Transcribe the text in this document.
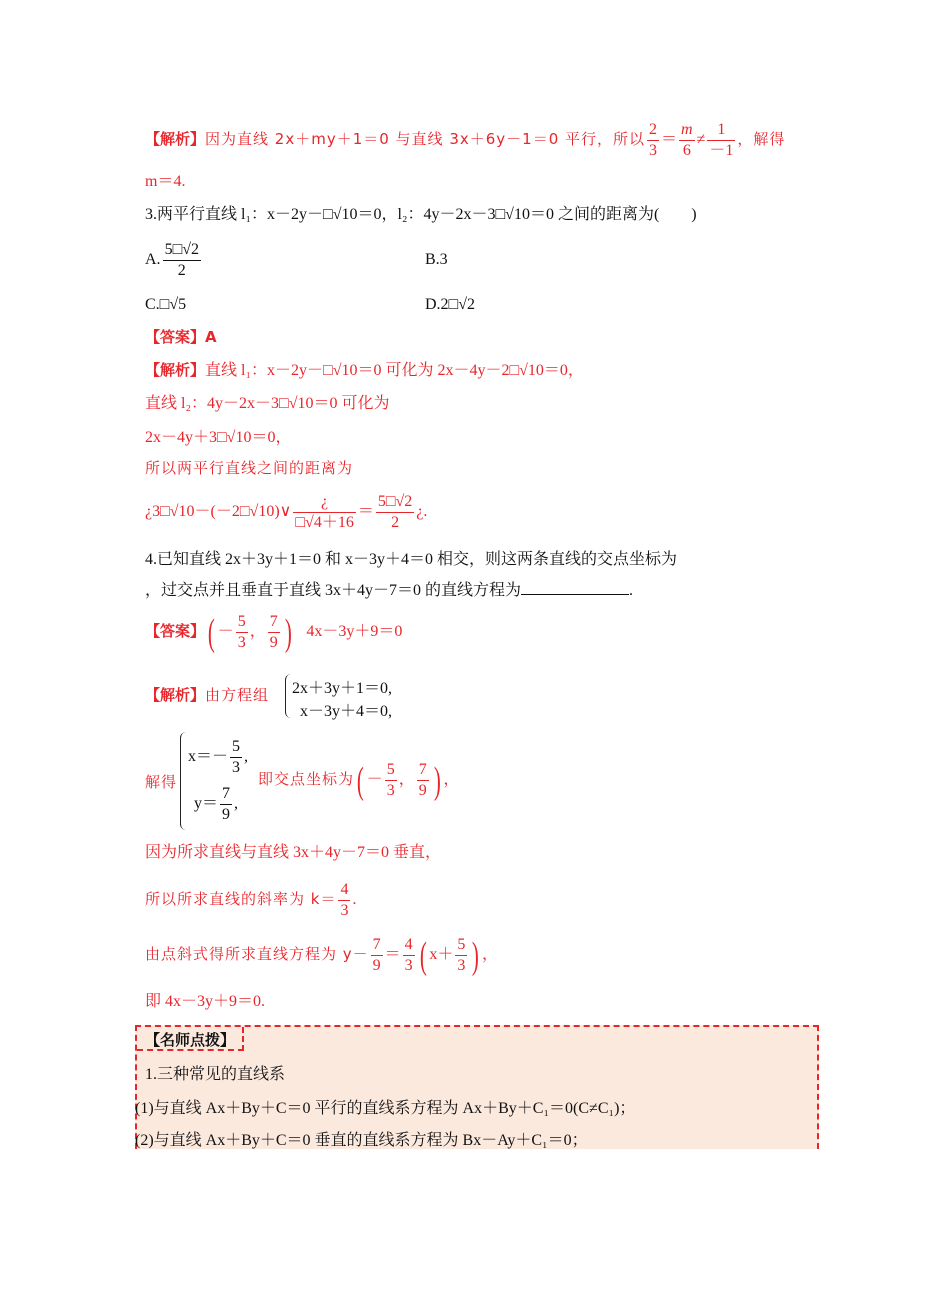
【解析】因为直线 2x＋my＋1＝0 与直线 3x＋6y－1＝0 平行，所以 $\frac{2}{3} = \frac{m}{6} \ne \frac{1}{-1}$ ，解得
m＝4.
3.两平行直线 l₁：x－2y－□√10＝0，l₂：4y－2x－3□√10＝0 之间的距离为(　　)
A. $\frac{5□√2}{2}$	B.3
C.□√5	D.2□√2
【答案】A
【解析】直线 l₁：x－2y－□√10＝0 可化为 2x－4y－2□√10＝0，
直线 l₂：4y－2x－3□√10＝0 可化为
2x－4y＋3□√10＝0，
所以两平行直线之间的距离为
¿3□√10－(－2□√10)∨ $\frac{¿}{□√4+16} = \frac{5□√2}{2}$ ¿.
4.已知直线 2x＋3y＋1＝0 和 x－3y＋4＝0 相交，则这两条直线的交点坐标为
，过交点并且垂直于直线 3x＋4y－7＝0 的直线方程为	.
【答案】( － $\frac{5}{3}$ ， $\frac{7}{9}$ ) 4x－3y＋9＝0
【解析】由方程组 2x＋3y＋1＝0,
x－3y＋4＝0,
解得
$x=- \frac{5}{3}$ ,
$y= \frac{7}{9}$ ,
即交点坐标为( － $\frac{5}{3}$ ， $\frac{7}{9}$ ) ，
因为所求直线与直线 3x＋4y－7＝0 垂直，
所以所求直线的斜率为 $k= \frac{4}{3}$ .
由点斜式得所求直线方程为 $y- \frac{7}{9} = \frac{4}{3}$ ( $x+ \frac{5}{3}$ ) ，
即 4x－3y＋9＝0.
【名师点拨】
1.三种常见的直线系
(1)与直线 Ax＋By＋C＝0 平行的直线系方程为 Ax＋By＋C₁＝0(C≠C₁)；
(2)与直线 Ax＋By＋C＝0 垂直的直线系方程为 Bx－Ay＋C₁＝0；
